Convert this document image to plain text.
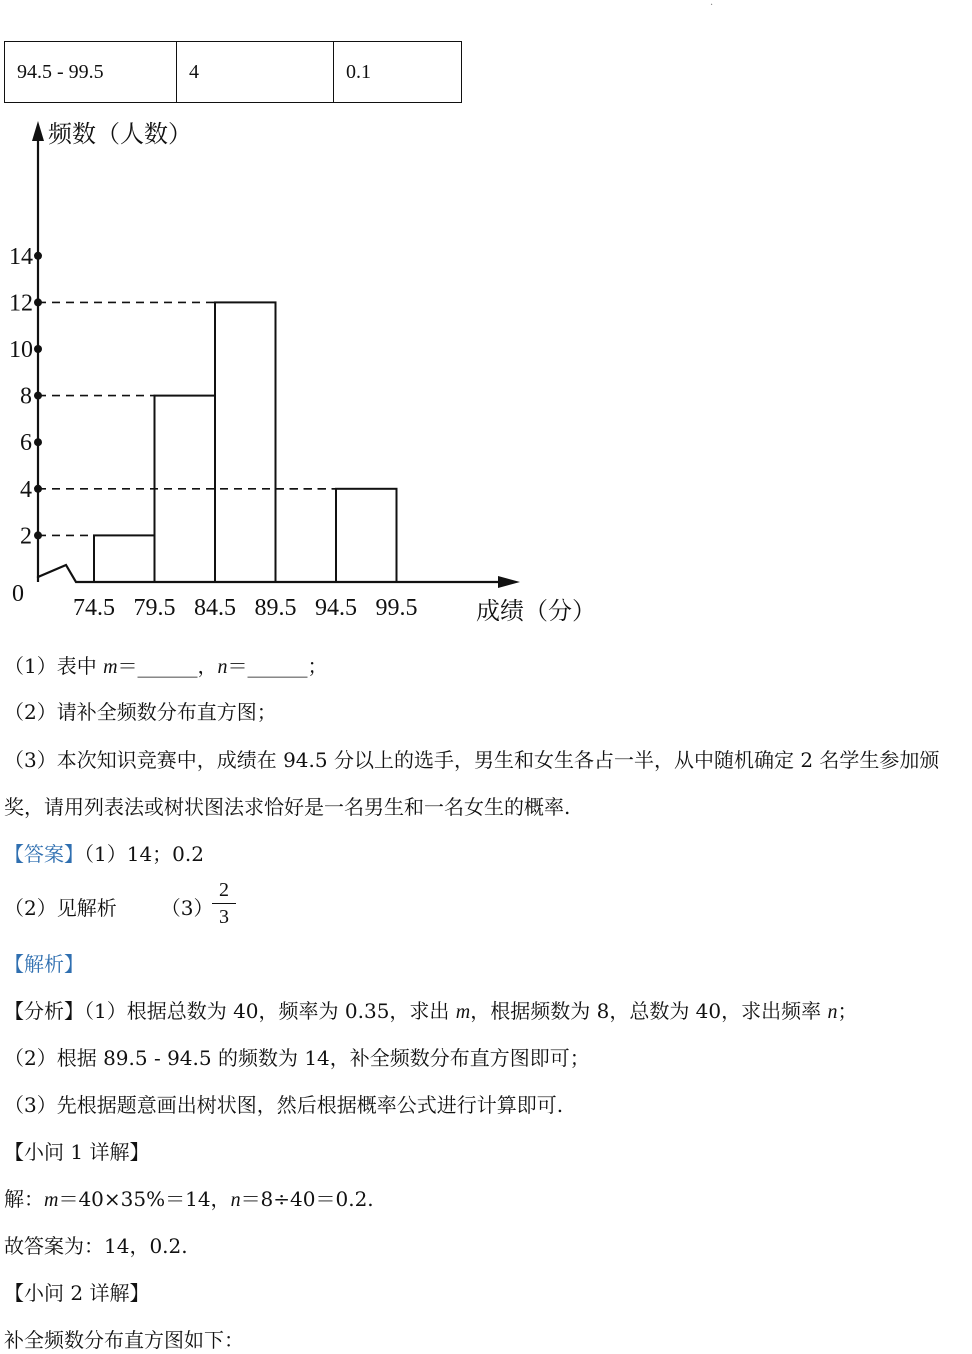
·
94.5 - 99.5	4	0.1
0
2
4
6
8
10
12
14
74.5 79.5 84.5 89.5 94.5 99.5
频数（人数）
成绩（分）
（1）表中 m＝______，n＝______；
（2）请补全频数分布直方图；
（3）本次知识竞赛中，成绩在 94.5 分以上的选手，男生和女生各占一半，从中随机确定 2 名学生参加颁
奖，请用列表法或树状图法求恰好是一名男生和一名女生的概率.
【答案】（1）14；0.2
（2）见解析 （3）
2
3
【解析】
【分析】（1）根据总数为 40，频率为 0.35，求出 m，根据频数为 8，总数为 40，求出频率 n；
（2）根据 89.5 - 94.5 的频数为 14，补全频数分布直方图即可；
（3）先根据题意画出树状图，然后根据概率公式进行计算即可.
【小问 1 详解】
解：m＝40×35%＝14，n＝8÷40＝0.2.
故答案为：14，0.2.
【小问 2 详解】
补全频数分布直方图如下：
